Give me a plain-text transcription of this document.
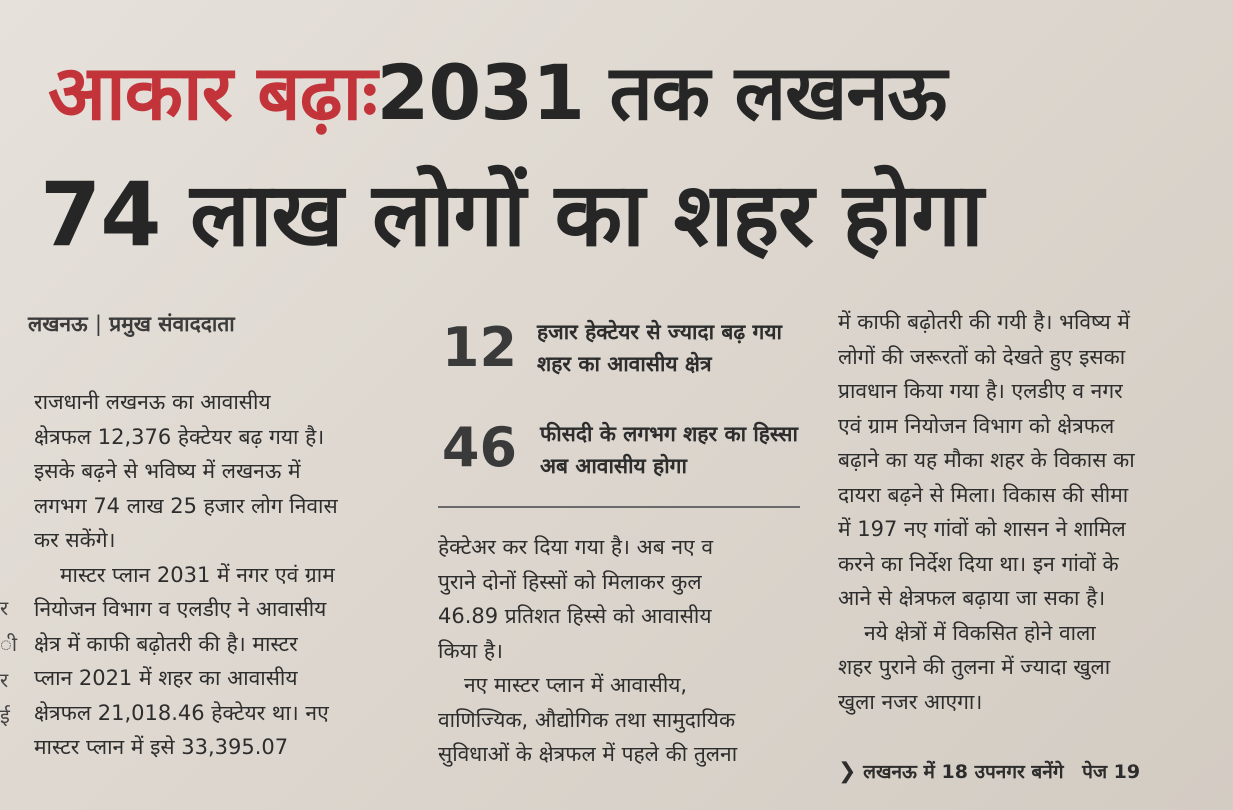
आकार बढ़ाः2031 तक लखनऊ
74 लाख लोगों का शहर होगा
लखनऊ | प्रमुख संवाददाता
राजधानी लखनऊ का आवासीय
क्षेत्रफल 12,376 हेक्टेयर बढ़ गया है।
इसके बढ़ने से भविष्य में लखनऊ में
लगभग 74 लाख 25 हजार लोग निवास
कर सकेंगे।
मास्टर प्लान 2031 में नगर एवं ग्राम
नियोजन विभाग व एलडीए ने आवासीय
क्षेत्र में काफी बढ़ोतरी की है। मास्टर
प्लान 2021 में शहर का आवासीय
क्षेत्रफल 21,018.46 हेक्टेयर था। नए
मास्टर प्लान में इसे 33,395.07
12 हजार हेक्टेयर से ज्यादा बढ़ गया शहर का आवासीय क्षेत्र
46	फीसदी के लगभग शहर का हिस्सा अब आवासीय होगा
हेक्टेअर कर दिया गया है। अब नए व
पुराने दोनों हिस्सों को मिलाकर कुल
46.89 प्रतिशत हिस्से को आवासीय
किया है।
नए मास्टर प्लान में आवासीय,
वाणिज्यिक, औद्योगिक तथा सामुदायिक
सुविधाओं के क्षेत्रफल में पहले की तुलना
में काफी बढ़ोतरी की गयी है। भविष्य में
लोगों की जरूरतों को देखते हुए इसका
प्रावधान किया गया है। एलडीए व नगर
एवं ग्राम नियोजन विभाग को क्षेत्रफल
बढ़ाने का यह मौका शहर के विकास का
दायरा बढ़ने से मिला। विकास की सीमा
में 197 नए गांवों को शासन ने शामिल
करने का निर्देश दिया था। इन गांवों के
आने से क्षेत्रफल बढ़ाया जा सका है।
नये क्षेत्रों में विकसित होने वाला
शहर पुराने की तुलना में ज्यादा खुला
खुला नजर आएगा।
❯ लखनऊ में 18 उपनगर बनेंगे पेज 19
र
ी
र
ई
